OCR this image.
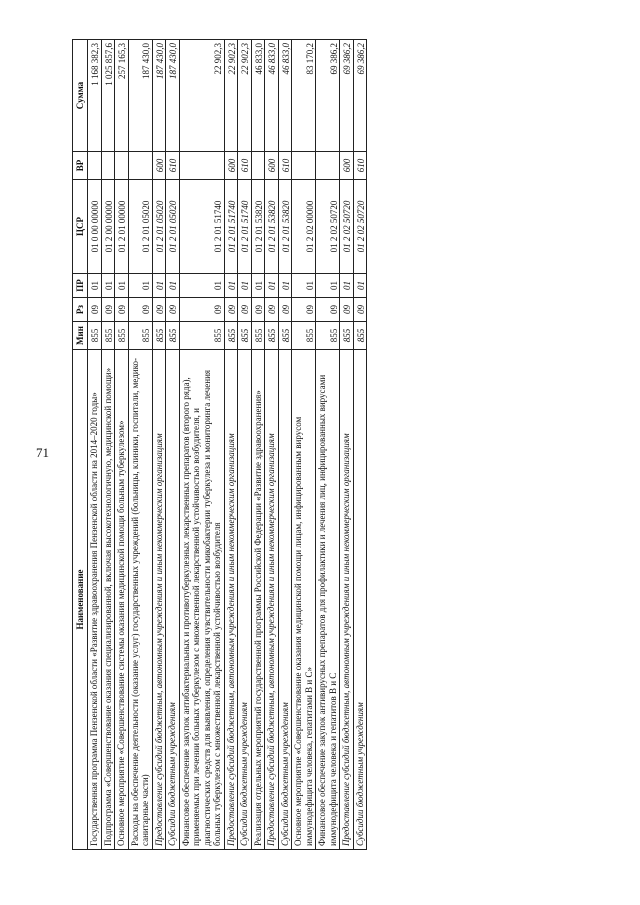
71
Наименование	Мин	Рз	ПР	ЦСР	ВР	Сумма
Государственная программа Пензенской области «Развитие здравоохранения Пензенской области на 2014–2020 годы»	855	09	01	01 0 00 00000		1 168 382,3
Подпрограмма «Совершенствование оказания специализированной, включая высокотехнологичную, медицинской помощи»	855	09	01	01 2 00 00000		1 025 857,6
Основное мероприятие «Совершенствование системы оказания медицинской помощи больным туберкулезом»	855	09	01	01 2 01 00000		257 165,3
Расходы на обеспечение деятельности (оказание услуг) государственных учреждений (больницы, клиники, госпитали, медико-санитарные части)	855	09	01	01 2 01 05020		187 430,0
Предоставление субсидий бюджетным, автономным учреждениям и иным некоммерческим организациям	855	09	01	01 2 01 05020	600	187 430,0
Субсидии бюджетным учреждениям	855	09	01	01 2 01 05020	610	187 430,0
Финансовое обеспечение закупок антибактериальных и противотуберкулезных лекарственных препаратов (второго ряда), применяемых при лечении больных туберкулезом с множественной лекарственной устойчивостью возбудителя, и диагностических средств для выявления, определения чувствительности микобактерии туберкулеза и мониторинга лечения больных туберкулезом с множественной лекарственной устойчивостью возбудителя	855	09	01	01 2 01 51740		22 902,3
Предоставление субсидий бюджетным, автономным учреждениям и иным некоммерческим организациям	855	09	01	01 2 01 51740	600	22 902,3
Субсидии бюджетным учреждениям	855	09	01	01 2 01 51740	610	22 902,3
Реализация отдельных мероприятий государственной программы Российской Федерации «Развитие здравоохранения»	855	09	01	01 2 01 53820		46 833,0
Предоставление субсидий бюджетным, автономным учреждениям и иным некоммерческим организациям	855	09	01	01 2 01 53820	600	46 833,0
Субсидии бюджетным учреждениям	855	09	01	01 2 01 53820	610	46 833,0
Основное мероприятие «Совершенствование оказания медицинской помощи лицам, инфицированным вирусом иммунодефицита человека, гепатитами B и C»	855	09	01	01 2 02 00000		83 170,2
Финансовое обеспечение закупок антивирусных препаратов для профилактики и лечения лиц, инфицированных вирусами иммунодефицита человека и гепатитов B и C	855	09	01	01 2 02 50720		69 386,2
Предоставление субсидий бюджетным, автономным учреждениям и иным некоммерческим организациям	855	09	01	01 2 02 50720	600	69 386,2
Субсидии бюджетным учреждениям	855	09	01	01 2 02 50720	610	69 386,2
